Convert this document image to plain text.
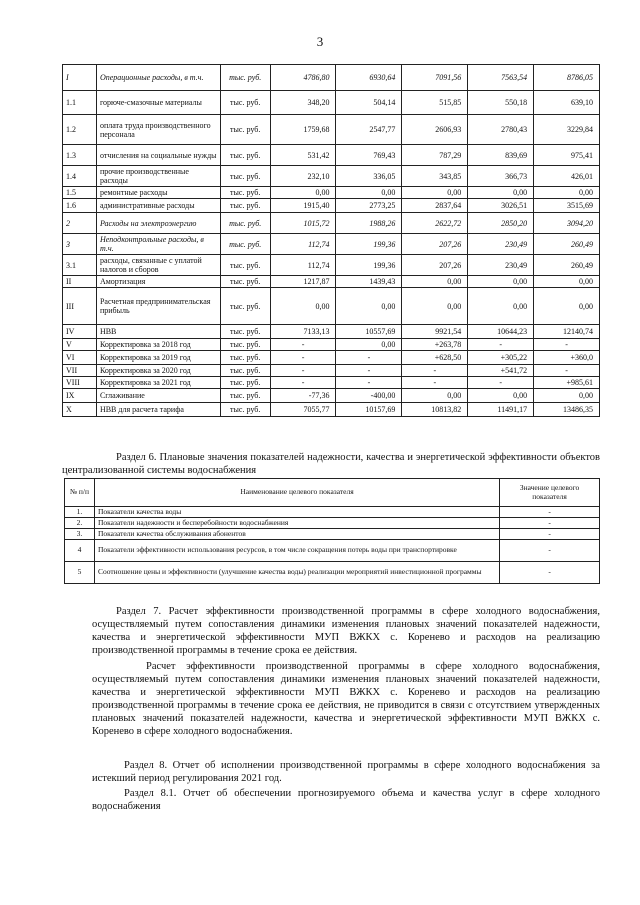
3
I	Операционные расходы, в т.ч.	тыс. руб.	4786,80	6930,64	7091,56	7563,54	8786,05
1.1	горюче-смазочные материалы	тыс. руб.	348,20	504,14	515,85	550,18	639,10
1.2	оплата труда производственного персонала	тыс. руб.	1759,68	2547,77	2606,93	2780,43	3229,84
1.3	отчисления на социальные нужды	тыс. руб.	531,42	769,43	787,29	839,69	975,41
1.4	прочие производственные расходы	тыс. руб.	232,10	336,05	343,85	366,73	426,01
1.5	ремонтные расходы	тыс. руб.	0,00	0,00	0,00	0,00	0,00
1.6	административные расходы	тыс. руб.	1915,40	2773,25	2837,64	3026,51	3515,69
2	Расходы на электроэнергию	тыс. руб.	1015,72	1988,26	2622,72	2850,20	3094,20
3	Неподконтрольные расходы, в т.ч.	тыс. руб.	112,74	199,36	207,26	230,49	260,49
3.1	расходы, связанные с уплатой налогов и сборов	тыс. руб.	112,74	199,36	207,26	230,49	260,49
II	Амортизация	тыс. руб.	1217,87	1439,43	0,00	0,00	0,00
III	Расчетная предпринимательская прибыль	тыс. руб.	0,00	0,00	0,00	0,00	0,00
IV	НВВ	тыс. руб.	7133,13	10557,69	9921,54	10644,23	12140,74
V	Корректировка за 2018 год	тыс. руб.	-	0,00	+263,78	-	-
VI	Корректировка за 2019 год	тыс. руб.	-	-	+628,50	+305,22	+360,0
VII	Корректировка за 2020 год	тыс. руб.	-	-	-	+541,72	-
VIII	Корректировка за 2021 год	тыс. руб.	-	-	-	-	+985,61
IX	Сглаживание	тыс. руб.	-77,36	-400,00	0,00	0,00	0,00
X	НВВ для расчета тарифа	тыс. руб.	7055,77	10157,69	10813,82	11491,17	13486,35

Раздел 6. Плановые значения показателей надежности, качества и энергетической эффективности объектов централизованной системы водоснабжения

№ п/п	Наименование целевого показателя	Значение целевого показателя
1.	Показатели качества воды	-
2.	Показатели надежности и бесперебойности водоснабжения	-
3.	Показатели качества обслуживания абонентов	-
4	Показатели эффективности использования ресурсов, в том числе сокращения потерь воды при транспортировке	-
5	Соотношение цены и эффективности (улучшение качества воды) реализации мероприятий инвестиционной программы	-

Раздел 7. Расчет эффективности производственной программы в сфере холодного водоснабжения, осуществляемый путем сопоставления динамики изменения плановых значений показателей надежности, качества и энергетической эффективности МУП ВЖКХ с. Коренево и расходов на реализацию производственной программы в течение срока ее действия.

Расчет эффективности производственной программы в сфере холодного водоснабжения, осуществляемый путем сопоставления динамики изменения плановых значений показателей надежности, качества и энергетической эффективности МУП ВЖКХ с. Коренево и расходов на реализацию производственной программы в течение срока ее действия, не приводится в связи с отсутствием утвержденных плановых значений показателей надежности, качества и энергетической эффективности МУП ВЖКХ с. Коренево в сфере холодного водоснабжения.

Раздел 8. Отчет об исполнении производственной программы в сфере холодного водоснабжения за истекший период регулирования 2021 год.

Раздел 8.1. Отчет об обеспечении прогнозируемого объема и качества услуг в сфере холодного водоснабжения
